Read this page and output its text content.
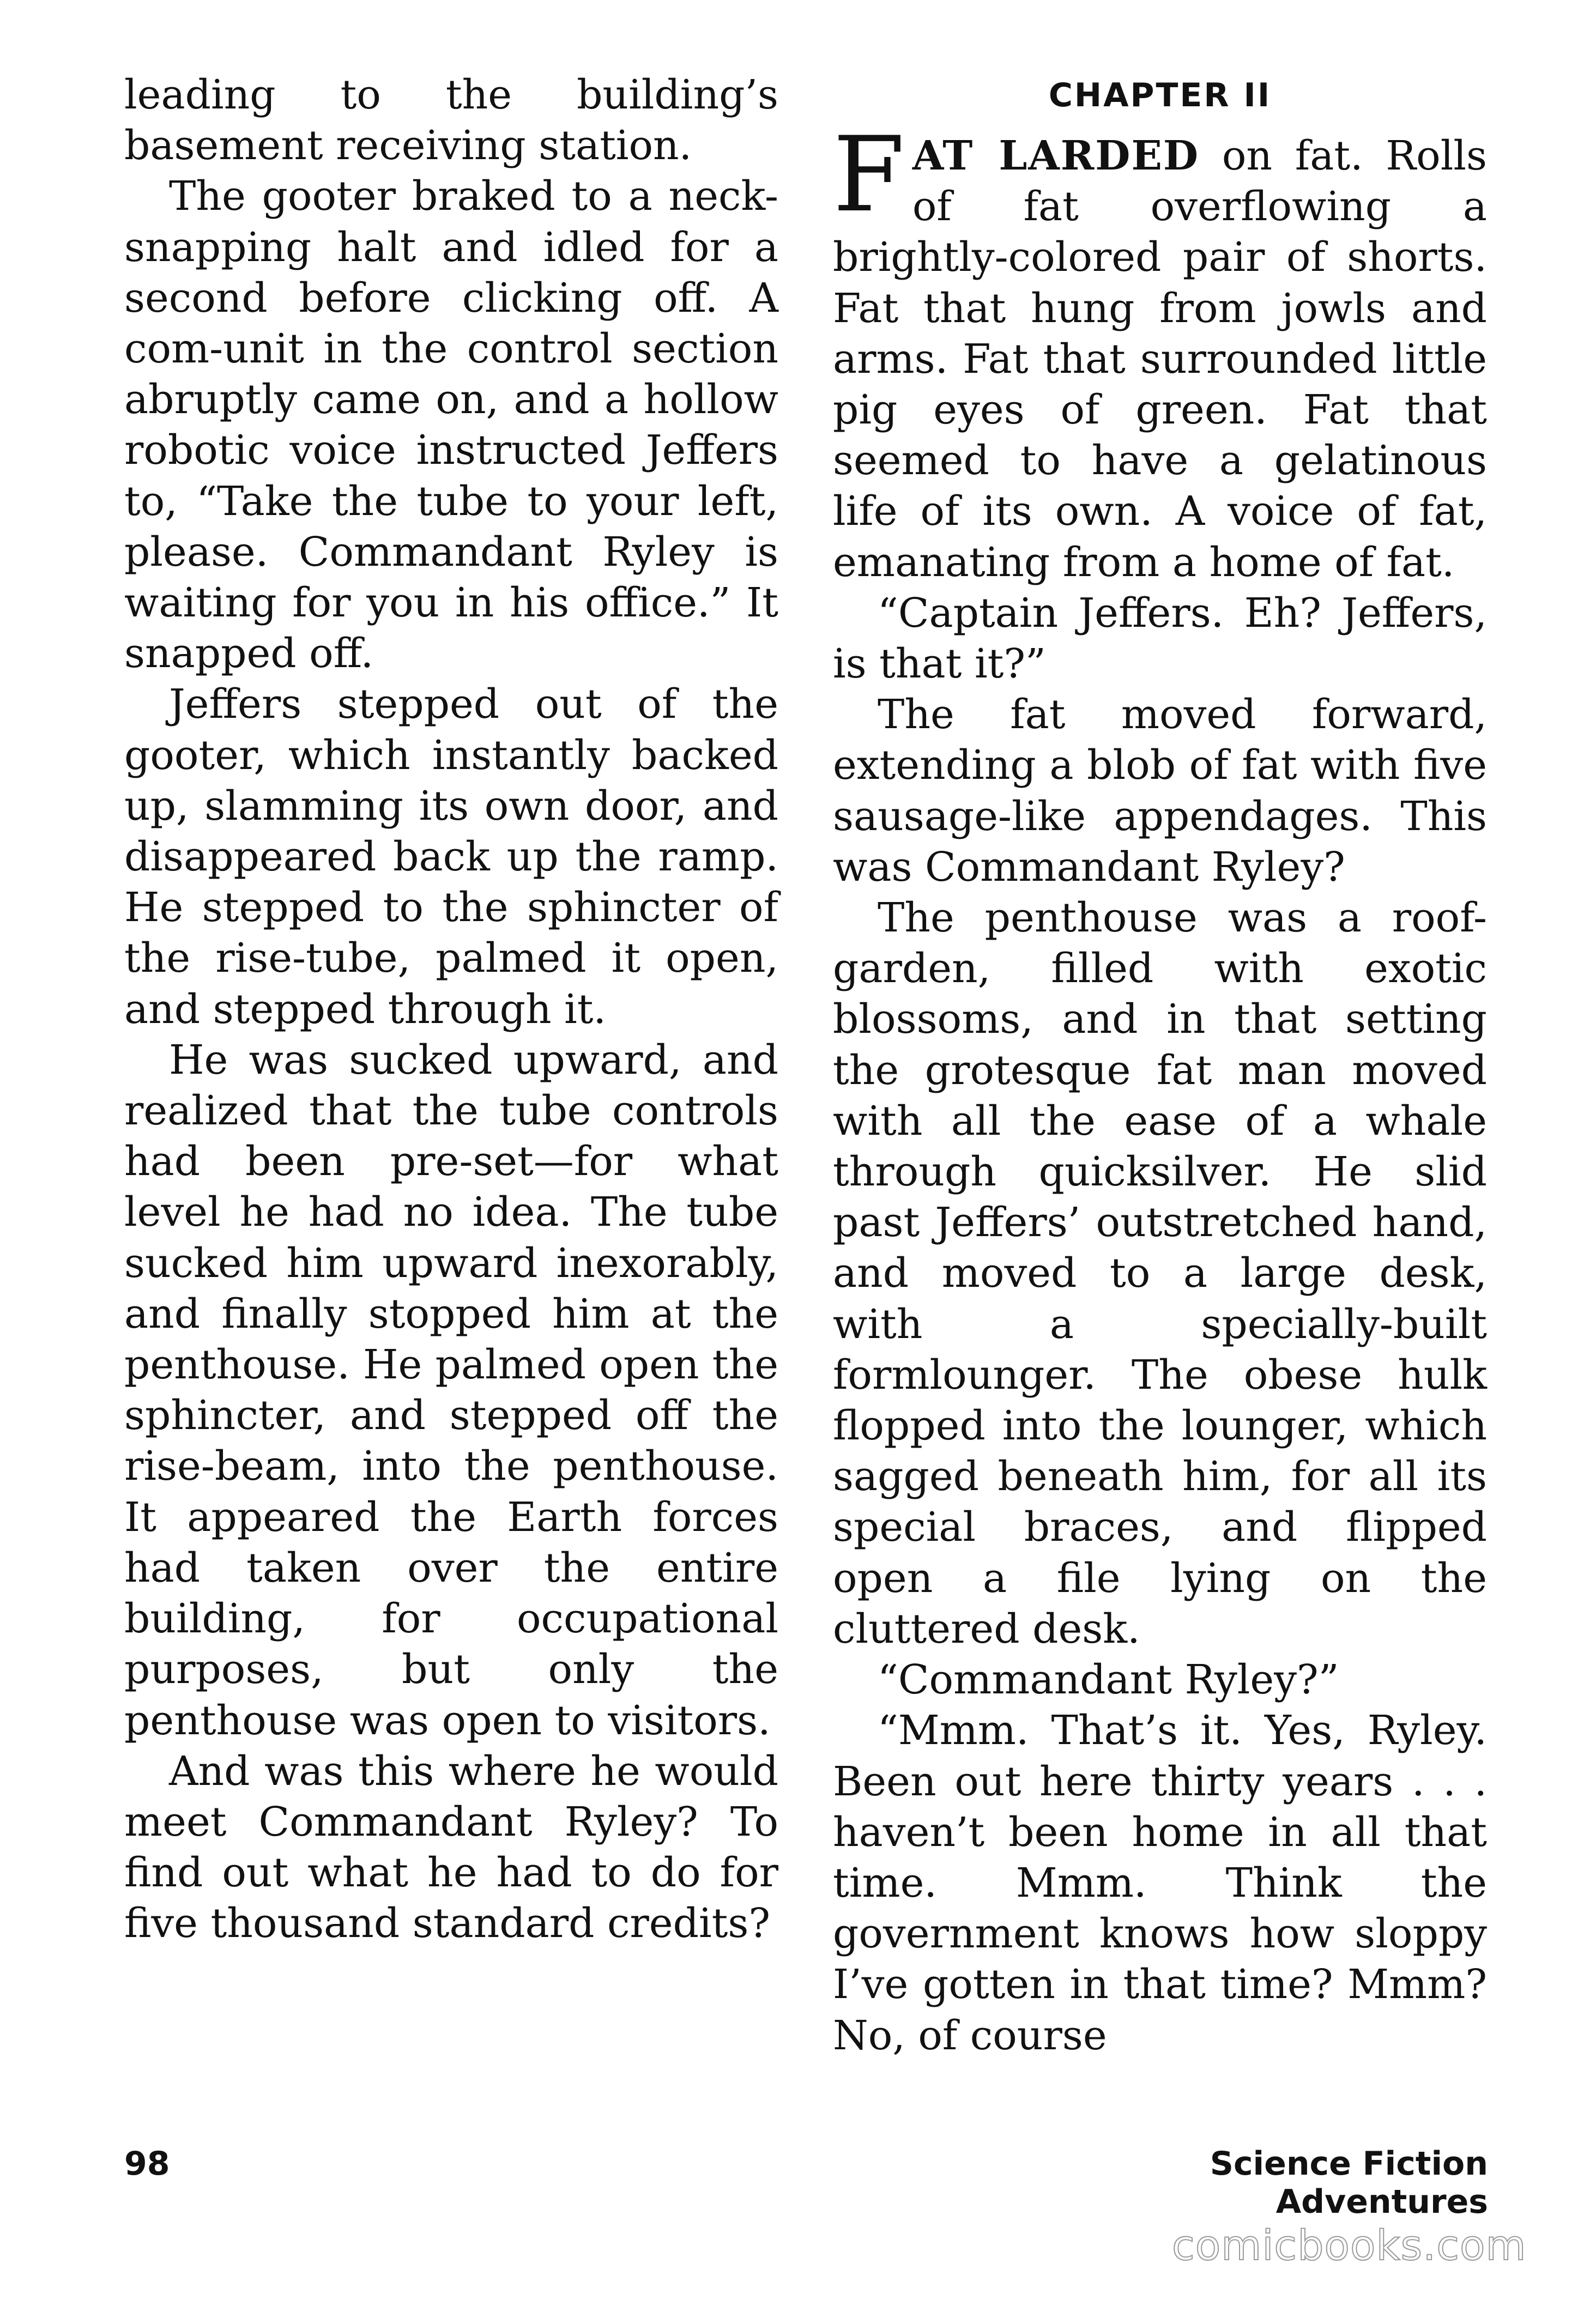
leading to the building’s basement receiving station.

The gooter braked to a neck-snapping halt and idled for a second before clicking off. A com-unit in the control section abruptly came on, and a hollow robotic voice instructed Jeffers to, “Take the tube to your left, please. Commandant Ryley is waiting for you in his office.” It snapped off.

Jeffers stepped out of the gooter, which instantly backed up, slamming its own door, and disappeared back up the ramp. He stepped to the sphincter of the rise-tube, palmed it open, and stepped through it.

He was sucked upward, and realized that the tube controls had been pre-set—for what level he had no idea. The tube sucked him upward inexorably, and finally stopped him at the penthouse. He palmed open the sphincter, and stepped off the rise-beam, into the penthouse. It appeared the Earth forces had taken over the entire building, for occupational purposes, but only the penthouse was open to visitors.

And was this where he would meet Commandant Ryley? To find out what he had to do for five thousand standard credits?

CHAPTER II

FAT LARDED on fat. Rolls of fat overflowing a brightly-colored pair of shorts. Fat that hung from jowls and arms. Fat that surrounded little pig eyes of green. Fat that seemed to have a gelatinous life of its own. A voice of fat, emanating from a home of fat.

“Captain Jeffers. Eh? Jeffers, is that it?”

The fat moved forward, extending a blob of fat with five sausage-like appendages. This was Commandant Ryley?

The penthouse was a roof-garden, filled with exotic blossoms, and in that setting the grotesque fat man moved with all the ease of a whale through quicksilver. He slid past Jeffers’ outstretched hand, and moved to a large desk, with a specially-built formlounger. The obese hulk flopped into the lounger, which sagged beneath him, for all its special braces, and flipped open a file lying on the cluttered desk.

“Commandant Ryley?”

“Mmm. That’s it. Yes, Ryley. Been out here thirty years . . . haven’t been home in all that time. Mmm. Think the government knows how sloppy I’ve gotten in that time? Mmm? No, of course

98	Science Fiction Adventures
comicbooks.com
